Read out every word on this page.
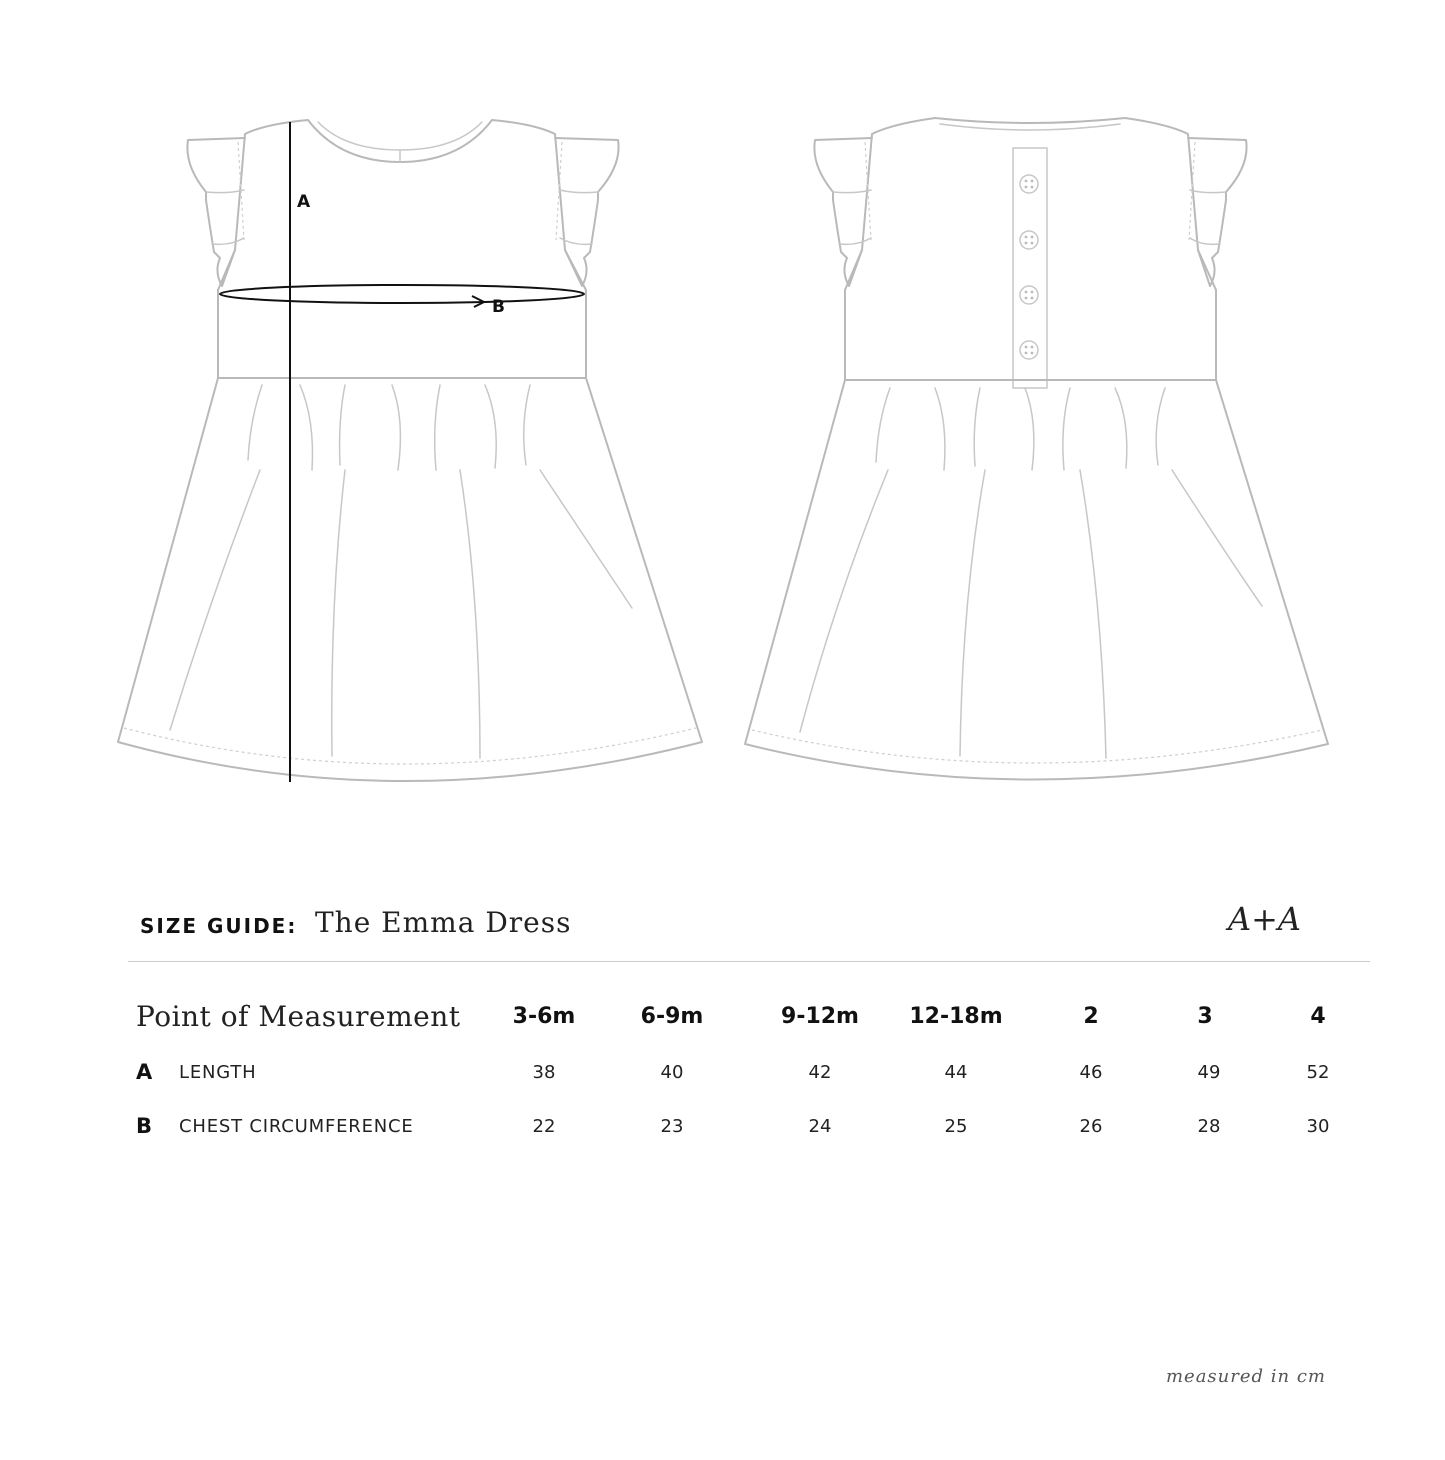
A
B
SIZE GUIDE: The Emma Dress	A+A
Point of Measurement 3-6m	6-9m	9-12m 12-18m	2	3	4
A LENGTH	38	40	42	44	46	49	52
B CHEST CIRCUMFERENCE	22	23	24	25	26	28	30
measured in cm
